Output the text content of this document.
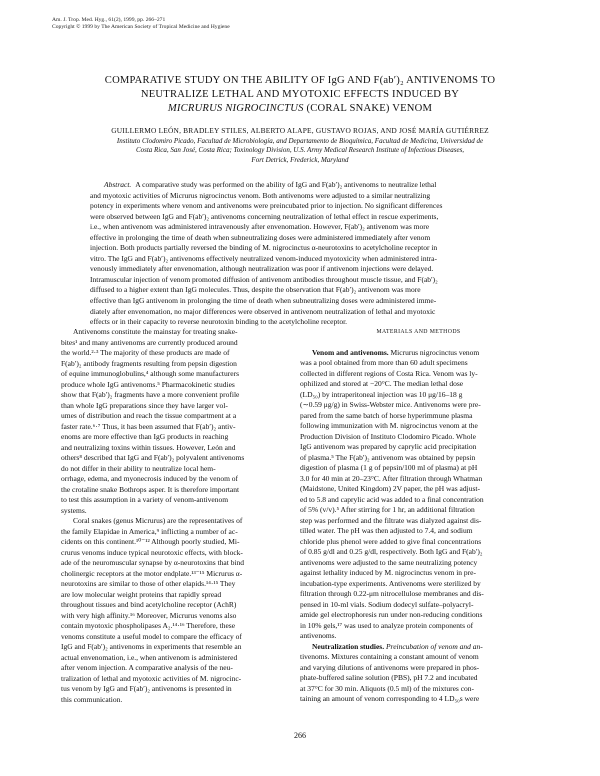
Am. J. Trop. Med. Hyg., 61(2), 1999, pp. 266–271
Copyright © 1999 by The American Society of Tropical Medicine and Hygiene
COMPARATIVE STUDY ON THE ABILITY OF IgG AND F(ab′)₂ ANTIVENOMS TO
NEUTRALIZE LETHAL AND MYOTOXIC EFFECTS INDUCED BY
MICRURUS NIGROCINCTUS (CORAL SNAKE) VENOM
GUILLERMO LEÓN, BRADLEY STILES, ALBERTO ALAPE, GUSTAVO ROJAS, AND JOSÉ MARÍA GUTIÉRREZ
Instituto Clodomiro Picado, Facultad de Microbiología, and Departamento de Bioquímica, Facultad de Medicina, Universidad de
Costa Rica, San José, Costa Rica; Toxinology Division, U.S. Army Medical Research Institute of Infectious Diseases,
Fort Detrick, Frederick, Maryland
Abstract. A comparative study was performed on the ability of IgG and F(ab′)₂ antivenoms to neutralize lethal
and myotoxic activities of Micrurus nigrocinctus venom. Both antivenoms were adjusted to a similar neutralizing
potency in experiments where venom and antivenoms were preincubated prior to injection. No significant differences
were observed between IgG and F(ab′)₂ antivenoms concerning neutralization of lethal effect in rescue experiments,
i.e., when antivenom was administered intravenously after envenomation. However, F(ab′)₂ antivenom was more
effective in prolonging the time of death when subneutralizing doses were administered immediately after venom
injection. Both products partially reversed the binding of M. nigrocinctus α-neurotoxins to acetylcholine receptor in
vitro. The IgG and F(ab′)₂ antivenoms effectively neutralized venom-induced myotoxicity when administered intra-
venously immediately after envenomation, although neutralization was poor if antivenom injections were delayed.
Intramuscular injection of venom promoted diffusion of antivenom antibodies throughout muscle tissue, and F(ab′)₂
diffused to a higher extent than IgG molecules. Thus, despite the observation that F(ab′)₂ antivenom was more
effective than IgG antivenom in prolonging the time of death when subneutralizing doses were administered imme-
diately after envenomation, no major differences were observed in antivenom neutralization of lethal and myotoxic
effects or in their capacity to reverse neurotoxin binding to the acetylcholine receptor.
Antivenoms constitute the mainstay for treating snake-
bites¹ and many antivenoms are currently produced around
the world.²·³ The majority of these products are made of
F(ab′)₂ antibody fragments resulting from pepsin digestion
of equine immunoglobulins,⁴ although some manufacturers
produce whole IgG antivenoms.⁵ Pharmacokinetic studies
show that F(ab′)₂ fragments have a more convenient profile
than whole IgG preparations since they have larger vol-
umes of distribution and reach the tissue compartment at a
faster rate.⁶·⁷ Thus, it has been assumed that F(ab′)₂ antiv-
enoms are more effective than IgG products in reaching
and neutralizing toxins within tissues. However, León and
others⁸ described that IgG and F(ab′)₂ polyvalent antivenoms
do not differ in their ability to neutralize local hem-
orrhage, edema, and myonecrosis induced by the venom of
the crotaline snake Bothrops asper. It is therefore important
to test this assumption in a variety of venom-antivenom
systems.
Coral snakes (genus Micrurus) are the representatives of
the family Elapidae in America,⁹ inflicting a number of ac-
cidents on this continent.¹⁰⁻¹² Although poorly studied, Mi-
crurus venoms induce typical neurotoxic effects, with block-
ade of the neuromuscular synapse by α-neurotoxins that bind
cholinergic receptors at the motor endplate.¹³⁻¹⁵ Micrurus α-
neurotoxins are similar to those of other elapids.¹⁴·¹⁵ They
are low molecular weight proteins that rapidly spread
throughout tissues and bind acetylcholine receptor (AchR)
with very high affinity.¹⁶ Moreover, Micrurus venoms also
contain myotoxic phospholipases A₂.¹⁴·¹⁶ Therefore, these
venoms constitute a useful model to compare the efficacy of
IgG and F(ab′)₂ antivenoms in experiments that resemble an
actual envenomation, i.e., when antivenom is administered
after venom injection. A comparative analysis of the neu-
tralization of lethal and myotoxic activities of M. nigrocinc-
tus venom by IgG and F(ab′)₂ antivenoms is presented in
this communication.
MATERIALS AND METHODS
Venom and antivenoms. Micrurus nigrocinctus venom
was a pool obtained from more than 60 adult specimens
collected in different regions of Costa Rica. Venom was ly-
ophilized and stored at −20°C. The median lethal dose
(LD₅₀) by intraperitoneal injection was 10 μg/16–18 g
(∼0.59 μg/g) in Swiss-Webster mice. Antivenoms were pre-
pared from the same batch of horse hyperimmune plasma
following immunization with M. nigrocinctus venom at the
Production Division of Instituto Clodomiro Picado. Whole
IgG antivenom was prepared by caprylic acid precipitation
of plasma.⁵ The F(ab′)₂ antivenom was obtained by pepsin
digestion of plasma (1 g of pepsin/100 ml of plasma) at pH
3.0 for 40 min at 20–23°C. After filtration through Whatman
(Maidstone, United Kingdom) 2V paper, the pH was adjust-
ed to 5.8 and caprylic acid was added to a final concentration
of 5% (v/v).⁵ After stirring for 1 hr, an additional filtration
step was performed and the filtrate was dialyzed against dis-
tilled water. The pH was then adjusted to 7.4, and sodium
chloride plus phenol were added to give final concentrations
of 0.85 g/dl and 0.25 g/dl, respectively. Both IgG and F(ab′)₂
antivenoms were adjusted to the same neutralizing potency
against lethality induced by M. nigrocinctus venom in pre-
incubation-type experiments. Antivenoms were sterilized by
filtration through 0.22-μm nitrocellulose membranes and dis-
pensed in 10-ml vials. Sodium dodecyl sulfate–polyacryl-
amide gel electrophoresis run under non-reducing conditions
in 10% gels,¹⁷ was used to analyze protein components of
antivenoms.
Neutralization studies. Preincubation of venom and an-
tivenoms. Mixtures containing a constant amount of venom
and varying dilutions of antivenoms were prepared in phos-
phate-buffered saline solution (PBS), pH 7.2 and incubated
at 37°C for 30 min. Aliquots (0.5 ml) of the mixtures con-
taining an amount of venom corresponding to 4 LD₅₀s were
266
